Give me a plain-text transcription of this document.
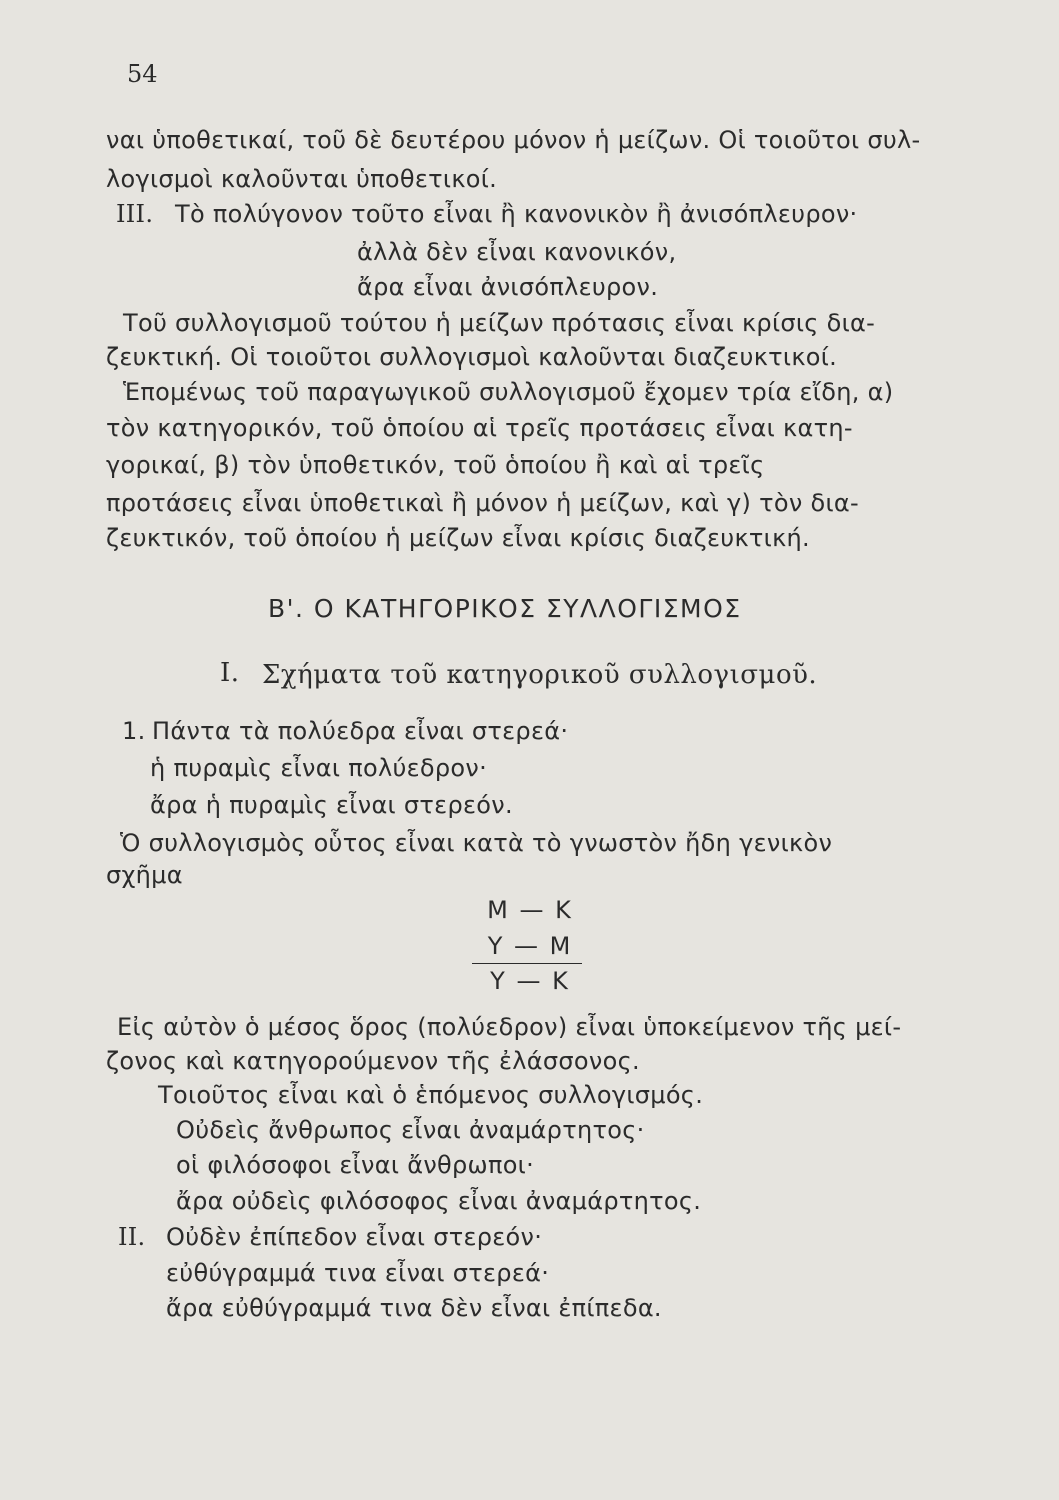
54
ναι ὑποθετικαί, τοῦ δὲ δευτέρου μόνον ἡ μείζων. Οἱ τοιοῦτοι συλ-
λογισμοὶ καλοῦνται ὑποθετικοί.
III. Τὸ πολύγονον τοῦτο εἶναι ἢ κανονικὸν ἢ ἀνισόπλευρον·
ἀλλὰ δὲν εἶναι κανονικόν,
ἄρα εἶναι ἀνισόπλευρον.
Τοῦ συλλογισμοῦ τούτου ἡ μείζων πρότασις εἶναι κρίσις δια-
ζευκτική. Οἱ τοιοῦτοι συλλογισμοὶ καλοῦνται διαζευκτικοί.
Ἑπομένως τοῦ παραγωγικοῦ συλλογισμοῦ ἔχομεν τρία εἴδη, α)
τὸν κατηγορικόν, τοῦ ὁποίου αἱ τρεῖς προτάσεις εἶναι κατη-
γορικαί, β) τὸν ὑποθετικόν, τοῦ ὁποίου ἢ καὶ αἱ τρεῖς
προτάσεις εἶναι ὑποθετικαὶ ἢ μόνον ἡ μείζων, καὶ γ) τὸν δια-
ζευκτικόν, τοῦ ὁποίου ἡ μείζων εἶναι κρίσις διαζευκτική.
Β'. Ο ΚΑΤΗΓΟΡΙΚΟΣ ΣΥΛΛΟΓΙΣΜΟΣ
I. Σχήματα τοῦ κατηγορικοῦ συλλογισμοῦ.
1. Πάντα τὰ πολύεδρα εἶναι στερεά·
ἡ πυραμὶς εἶναι πολύεδρον·
ἄρα ἡ πυραμὶς εἶναι στερεόν.
Ὁ συλλογισμὸς οὗτος εἶναι κατὰ τὸ γνωστὸν ἤδη γενικὸν
σχῆμα
Μ — Κ
Υ — Μ
Υ — Κ
Εἰς αὐτὸν ὁ μέσος ὅρος (πολύεδρον) εἶναι ὑποκείμενον τῆς μεί-
ζονος καὶ κατηγορούμενον τῆς ἐλάσσονος.
Τοιοῦτος εἶναι καὶ ὁ ἑπόμενος συλλογισμός.
Οὐδεὶς ἄνθρωπος εἶναι ἀναμάρτητος·
οἱ φιλόσοφοι εἶναι ἄνθρωποι·
ἄρα οὐδεὶς φιλόσοφος εἶναι ἀναμάρτητος.
II. Οὐδὲν ἐπίπεδον εἶναι στερεόν·
εὐθύγραμμά τινα εἶναι στερεά·
ἄρα εὐθύγραμμά τινα δὲν εἶναι ἐπίπεδα.
